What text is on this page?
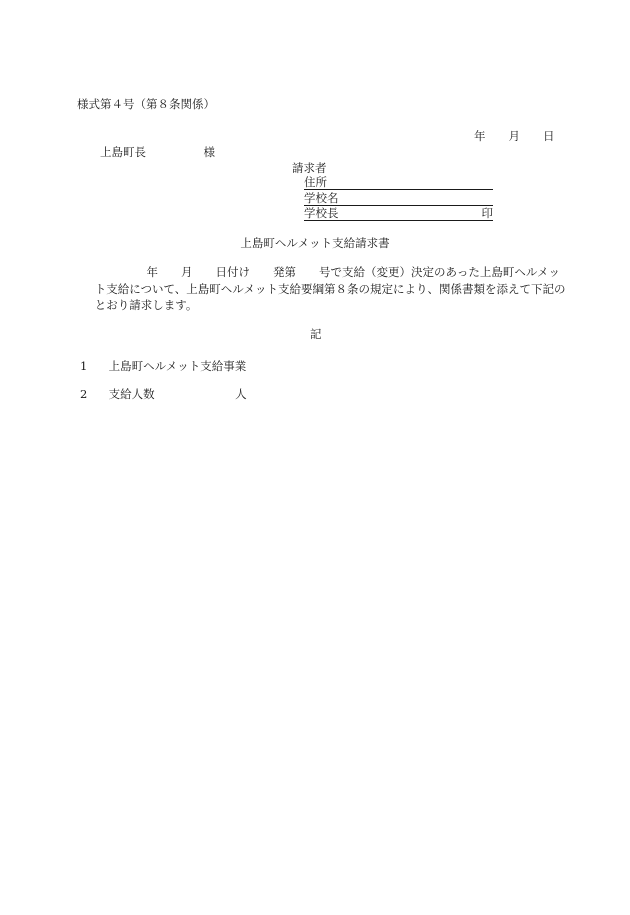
様式第４号（第８条関係）
年　　月　　日
上島町長　　　　　様
請求者
住所
学校名
学校長	印
上島町ヘルメット支給請求書
　　　　　年　　月　　日付け　　発第　　号で支給（変更）決定のあった上島町ヘルメット支給について、上島町ヘルメット支給要綱第８条の規定により、関係書類を添えて下記のとおり請求します。
記
1 上島町ヘルメット支給事業
2 支給人数　　　　　　　人
